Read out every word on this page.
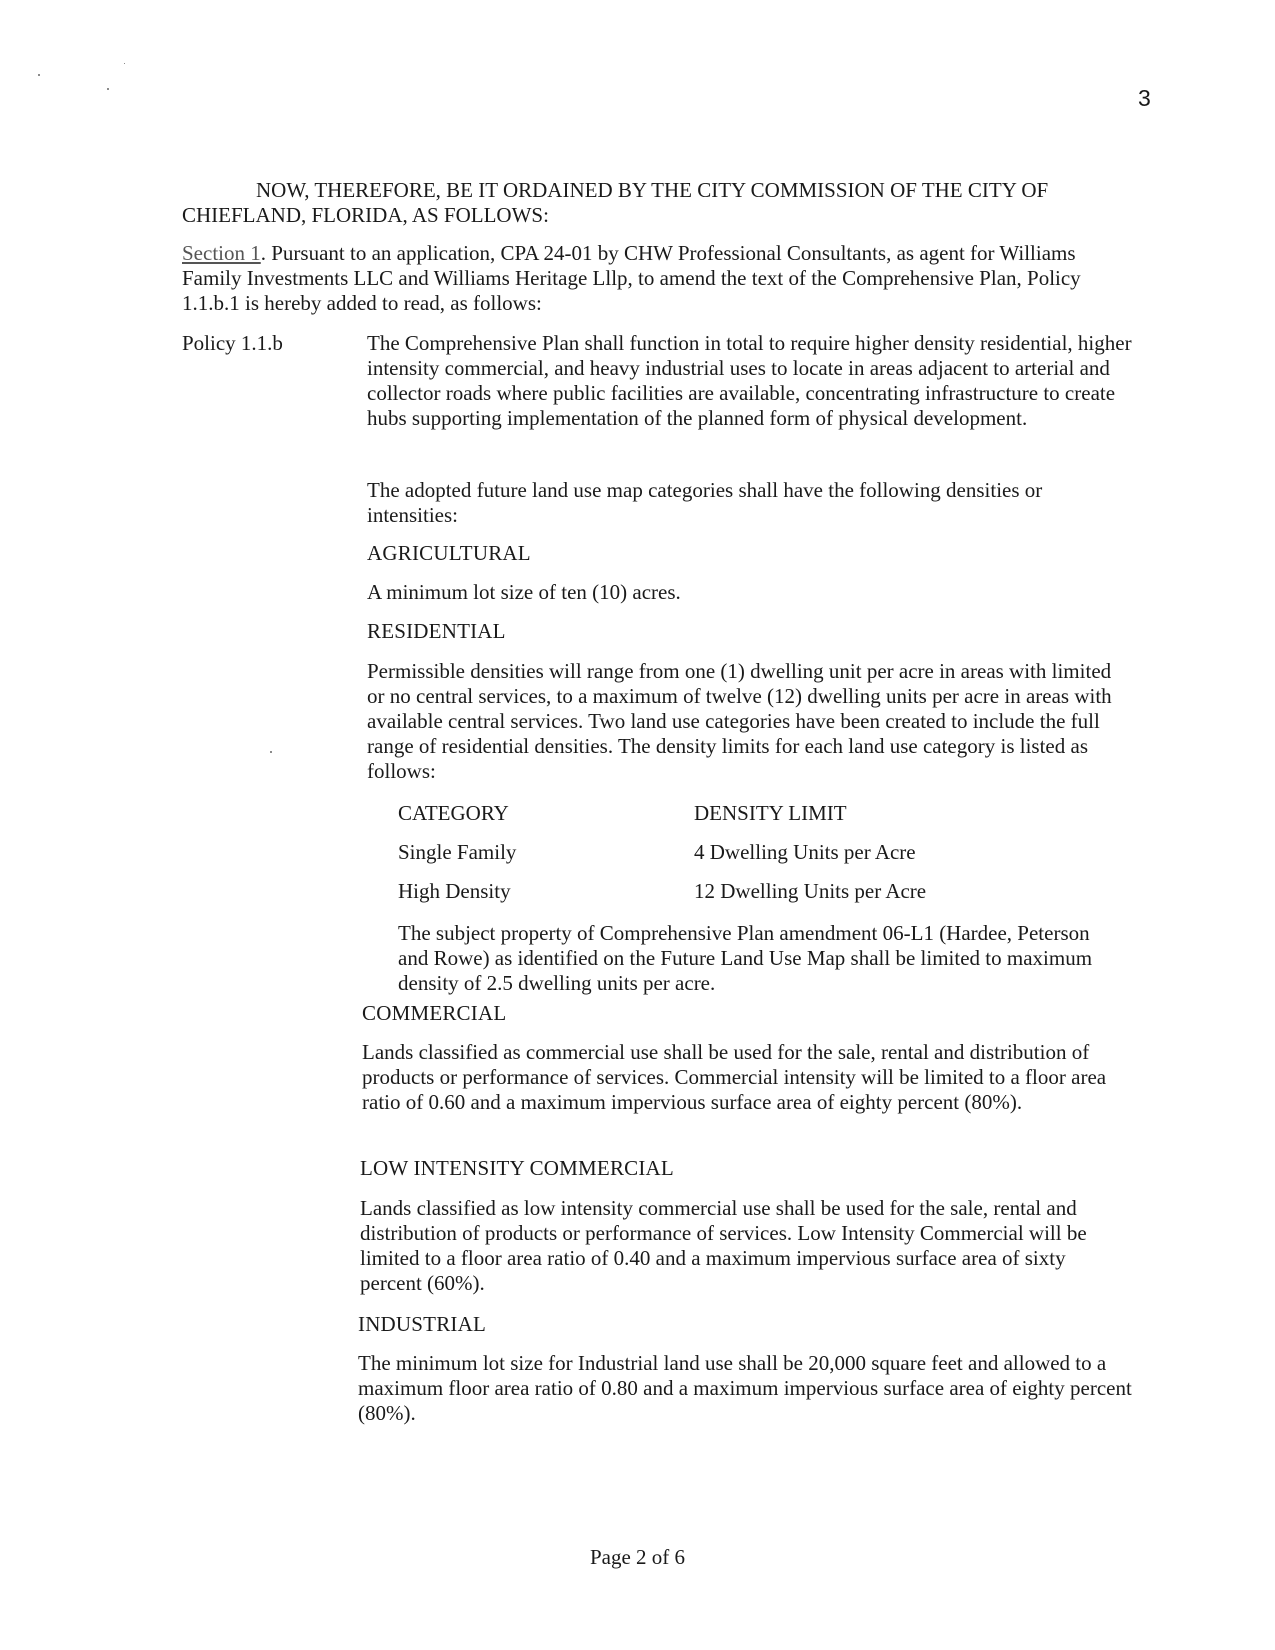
3
NOW, THEREFORE, BE IT ORDAINED BY THE CITY COMMISSION OF THE CITY OF
CHIEFLAND, FLORIDA, AS FOLLOWS:
Section 1. Pursuant to an application, CPA 24-01 by CHW Professional Consultants, as agent for Williams Family Investments LLC and Williams Heritage Lllp, to amend the text of the Comprehensive Plan, Policy 1.1.b.1 is hereby added to read, as follows:
Policy 1.1.b	The Comprehensive Plan shall function in total to require higher density residential, higher intensity commercial, and heavy industrial uses to locate in areas adjacent to arterial and collector roads where public facilities are available, concentrating infrastructure to create hubs supporting implementation of the planned form of physical development.

The adopted future land use map categories shall have the following densities or intensities:

AGRICULTURAL

A minimum lot size of ten (10) acres.

RESIDENTIAL

Permissible densities will range from one (1) dwelling unit per acre in areas with limited or no central services, to a maximum of twelve (12) dwelling units per acre in areas with available central services. Two land use categories have been created to include the full range of residential densities. The density limits for each land use category is listed as follows:

CATEGORY	DENSITY LIMIT
Single Family	4 Dwelling Units per Acre
High Density	12 Dwelling Units per Acre

The subject property of Comprehensive Plan amendment 06-L1 (Hardee, Peterson and Rowe) as identified on the Future Land Use Map shall be limited to maximum density of 2.5 dwelling units per acre.

COMMERCIAL

Lands classified as commercial use shall be used for the sale, rental and distribution of products or performance of services. Commercial intensity will be limited to a floor area ratio of 0.60 and a maximum impervious surface area of eighty percent (80%).

LOW INTENSITY COMMERCIAL

Lands classified as low intensity commercial use shall be used for the sale, rental and distribution of products or performance of services. Low Intensity Commercial will be limited to a floor area ratio of 0.40 and a maximum impervious surface area of sixty percent (60%).

INDUSTRIAL

The minimum lot size for Industrial land use shall be 20,000 square feet and allowed to a maximum floor area ratio of 0.80 and a maximum impervious surface area of eighty percent (80%).

Page 2 of 6
